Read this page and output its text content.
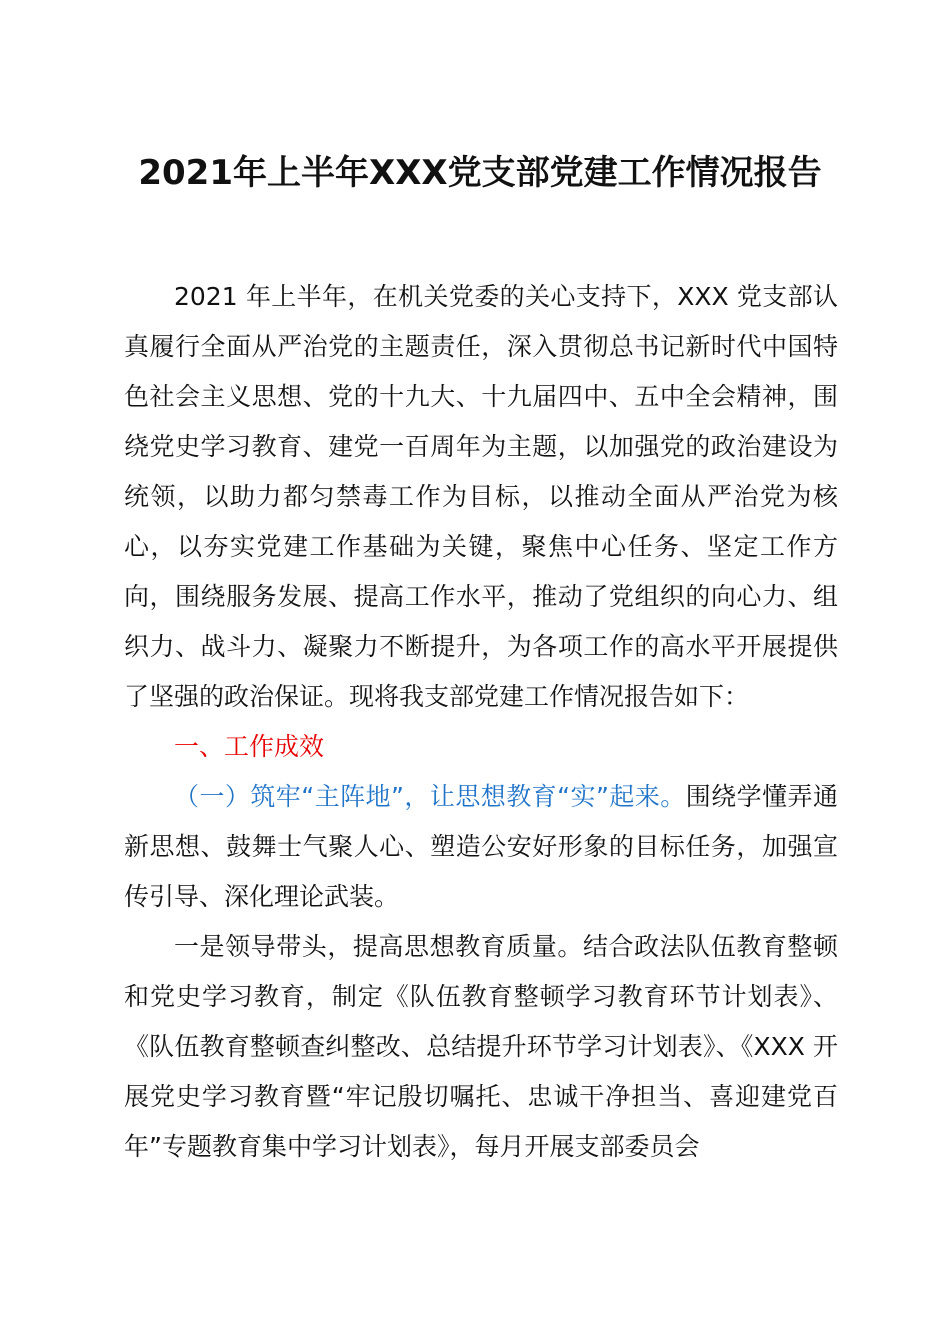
2021年上半年XXX党支部党建工作情况报告

2021 年上半年，在机关党委的关心支持下，XXX 党支部认真履行全面从严治党的主题责任，深入贯彻总书记新时代中国特色社会主义思想、党的十九大、十九届四中、五中全会精神，围绕党史学习教育、建党一百周年为主题，以加强党的政治建设为统领，以助力都匀禁毒工作为目标，以推动全面从严治党为核心，以夯实党建工作基础为关键，聚焦中心任务、坚定工作方向，围绕服务发展、提高工作水平，推动了党组织的向心力、组织力、战斗力、凝聚力不断提升，为各项工作的高水平开展提供了坚强的政治保证。现将我支部党建工作情况报告如下：

一、工作成效

（一）筑牢“主阵地”，让思想教育“实”起来。围绕学懂弄通新思想、鼓舞士气聚人心、塑造公安好形象的目标任务，加强宣传引导、深化理论武装。

一是领导带头，提高思想教育质量。结合政法队伍教育整顿和党史学习教育，制定《队伍教育整顿学习教育环节计划表》、《队伍教育整顿查纠整改、总结提升环节学习计划表》、《XXX 开展党史学习教育暨“牢记殷切嘱托、忠诚干净担当、喜迎建党百年”专题教育集中学习计划表》，每月开展支部委员会
